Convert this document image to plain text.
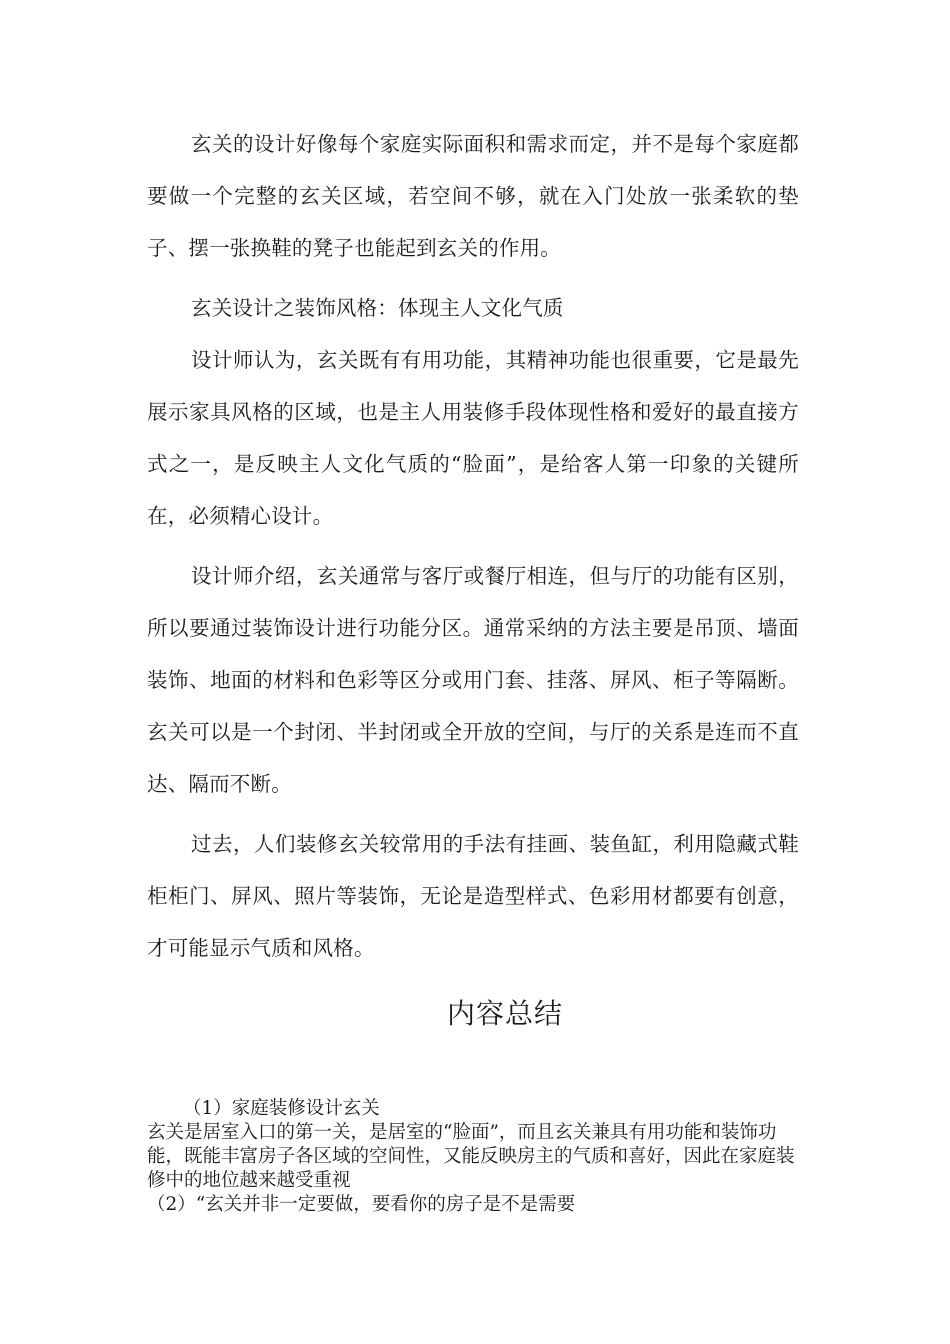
玄关的设计好像每个家庭实际面积和需求而定，并不是每个家庭都要做一个完整的玄关区域，若空间不够，就在入门处放一张柔软的垫子、摆一张换鞋的凳子也能起到玄关的作用。

玄关设计之装饰风格：体现主人文化气质

设计师认为，玄关既有有用功能，其精神功能也很重要，它是最先展示家具风格的区域，也是主人用装修手段体现性格和爱好的最直接方式之一，是反映主人文化气质的“脸面”，是给客人第一印象的关键所在，必须精心设计。

设计师介绍，玄关通常与客厅或餐厅相连，但与厅的功能有区别，所以要通过装饰设计进行功能分区。通常采纳的方法主要是吊顶、墙面装饰、地面的材料和色彩等区分或用门套、挂落、屏风、柜子等隔断。玄关可以是一个封闭、半封闭或全开放的空间，与厅的关系是连而不直达、隔而不断。

过去，人们装修玄关较常用的手法有挂画、装鱼缸，利用隐藏式鞋柜柜门、屏风、照片等装饰，无论是造型样式、色彩用材都要有创意，才可能显示气质和风格。

内容总结
（1）家庭装修设计玄关

玄关是居室入口的第一关，是居室的“脸面”，而且玄关兼具有用功能和装饰功能，既能丰富房子各区域的空间性，又能反映房主的气质和喜好，因此在家庭装修中的地位越来越受重视

（2）“玄关并非一定要做，要看你的房子是不是需要
